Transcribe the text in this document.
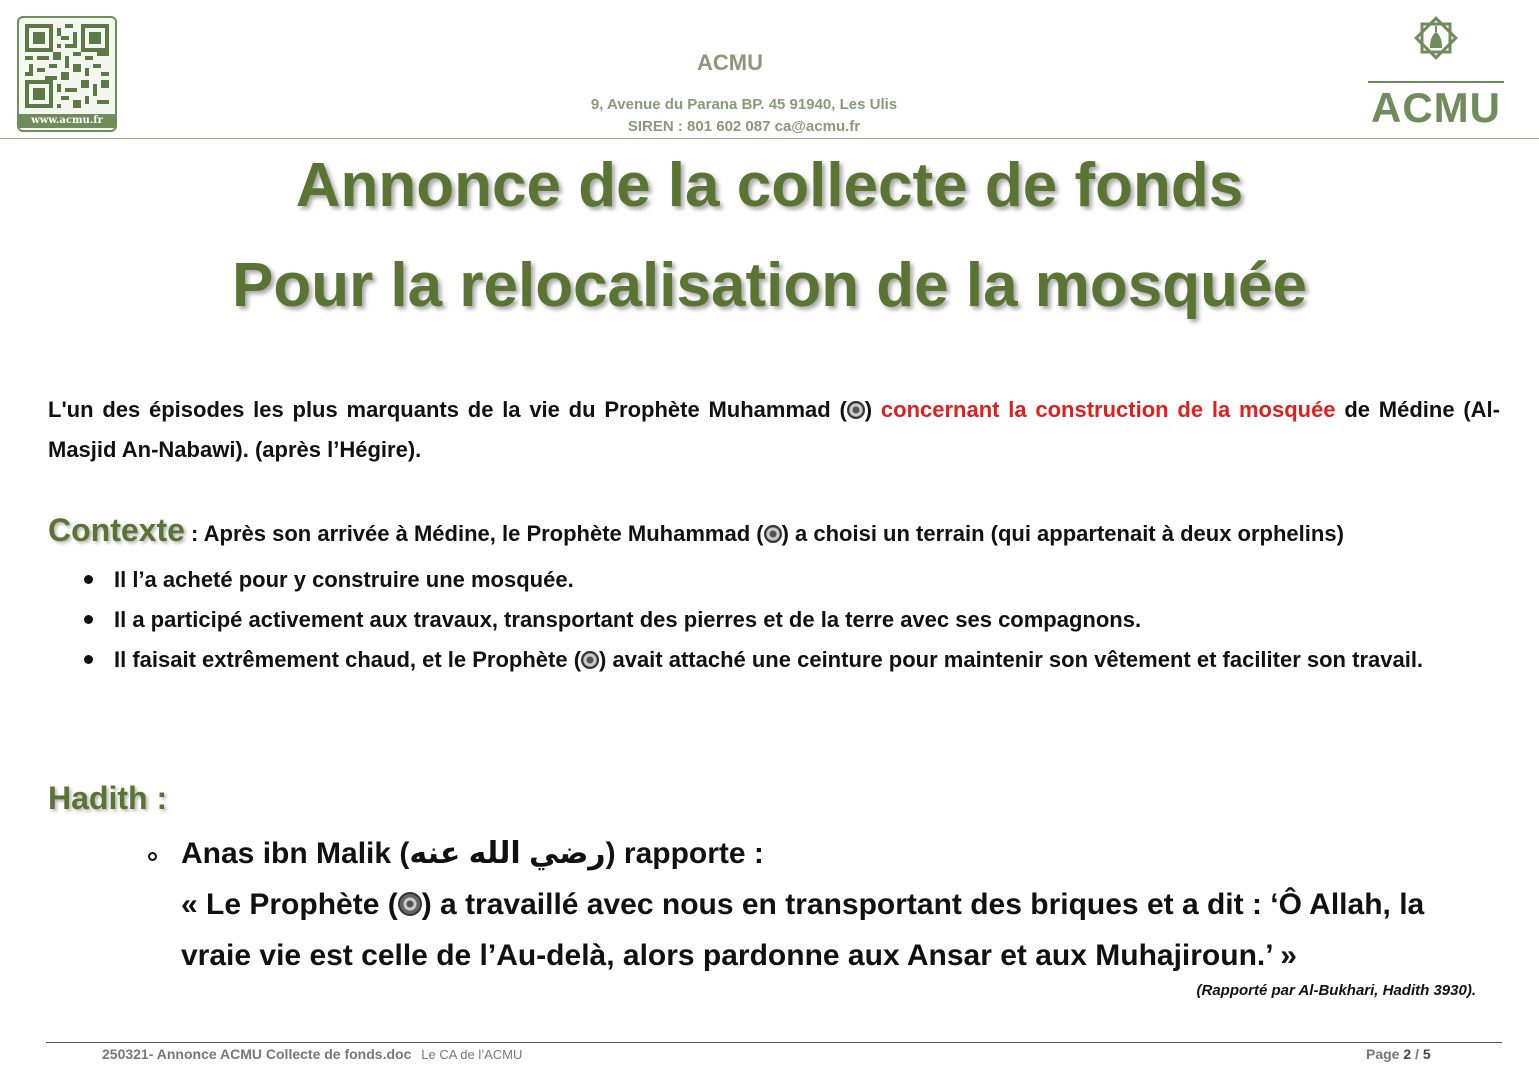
www.acmu.fr
ACMU
9, Avenue du Parana BP. 45 91940, Les Ulis
SIREN : 801 602 087 ca@acmu.fr	ACMU
Annonce de la collecte de fonds
Pour la relocalisation de la mosquée

L'un des épisodes les plus marquants de la vie du Prophète Muhammad ( ) concernant la construction de la mosquée de Médine (Al-Masjid An-Nabawi). (après l’Hégire).

Contexte : Après son arrivée à Médine, le Prophète Muhammad ( ) a choisi un terrain (qui appartenait à deux orphelins)

Il l’a acheté pour y construire une mosquée.
Il a participé activement aux travaux, transportant des pierres et de la terre avec ses compagnons.
Il faisait extrêmement chaud, et le Prophète ( ) avait attaché une ceinture pour maintenir son vêtement et faciliter son travail.

Hadith :

Anas ibn Malik (رضي الله عنه) rapporte :
« Le Prophète ( ) a travaillé avec nous en transportant des briques et a dit : ‘Ô Allah, la vraie vie est celle de l’Au-delà, alors pardonne aux Ansar et aux Muhajiroun.’ »
(Rapporté par Al-Bukhari, Hadith 3930).
250321- Annonce ACMU Collecte de fonds.doc Le CA de l’ACMU	Page 2 / 5
